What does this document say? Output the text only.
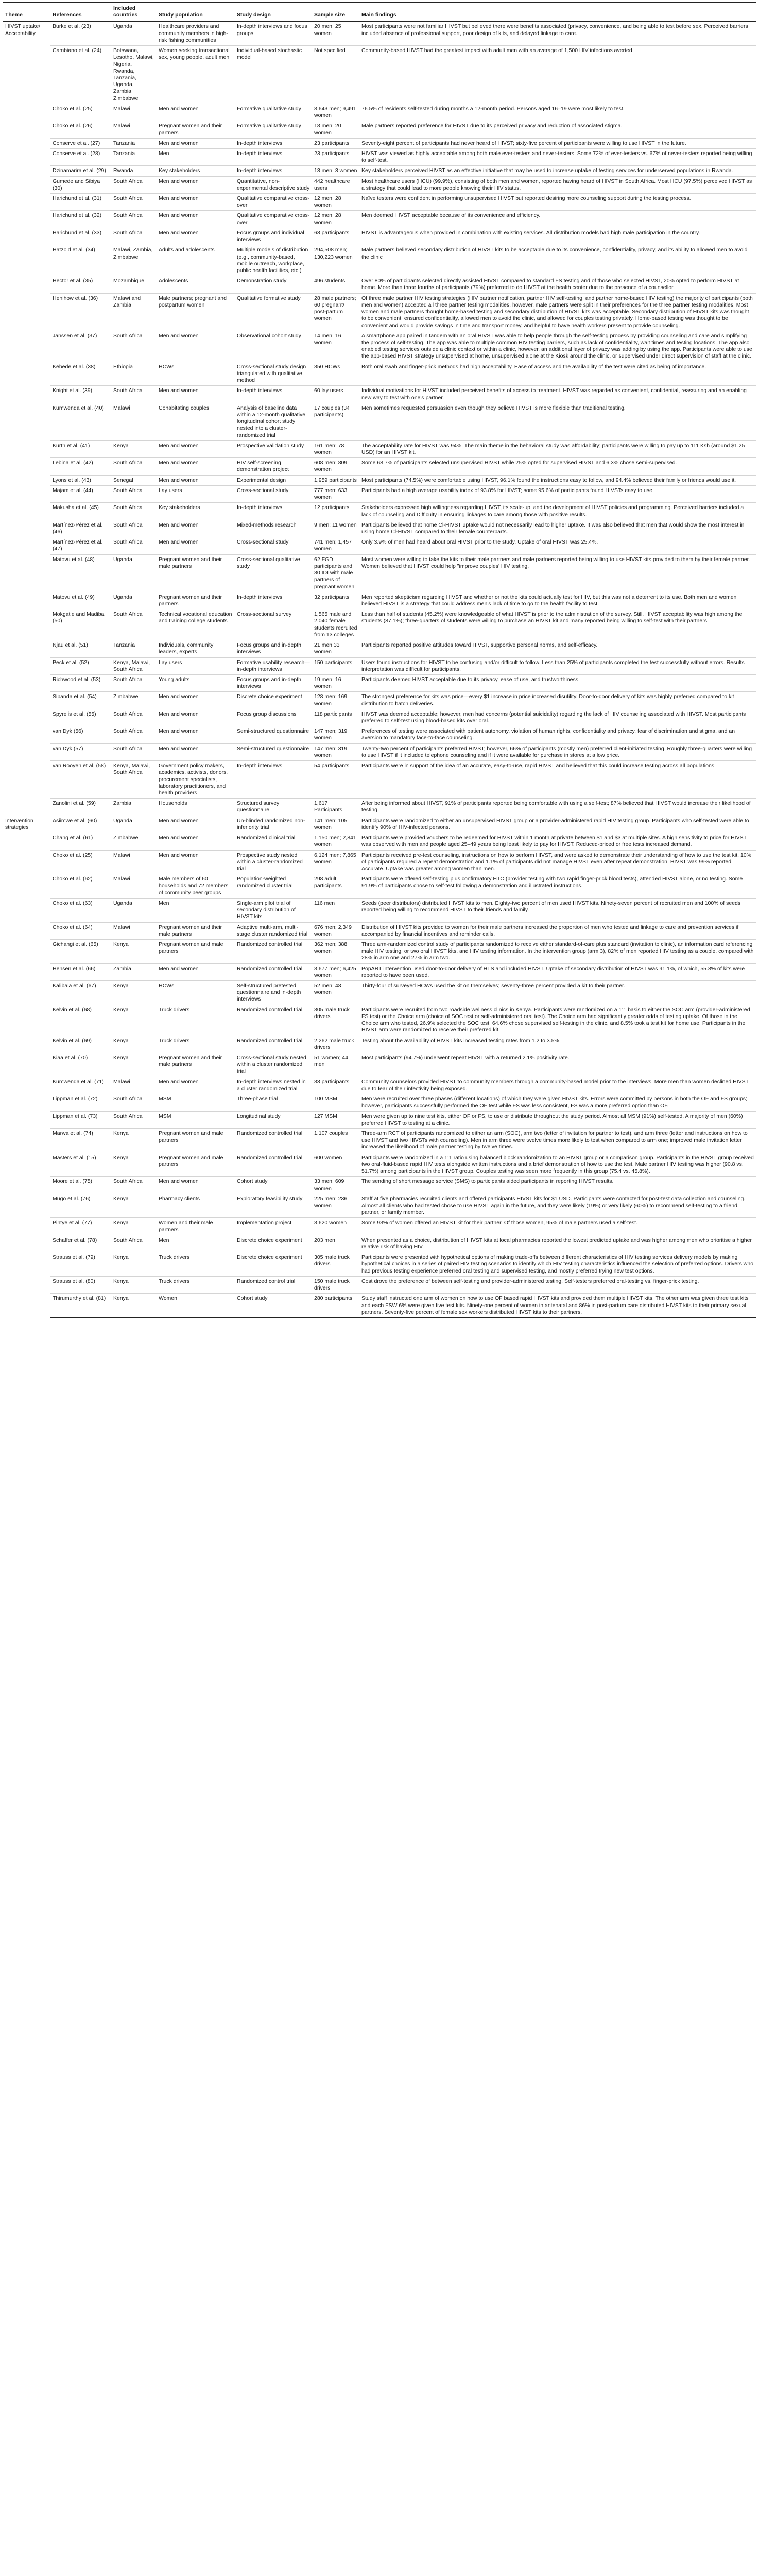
Theme	References	Included countries	Study population	Study design	Sample size	Main findings
HIVST uptake/ Acceptability	Burke et al. (23)	Uganda	Healthcare providers and community members in high-risk fishing communities	In-depth interviews and focus groups	20 men; 25 women	Most participants were not familiar HIVST but believed there were benefits associated (privacy, convenience, and being able to test before sex. Perceived barriers included absence of professional support, poor design of kits, and delayed linkage to care.
	Cambiano et al. (24)	Botswana, Lesotho, Malawi, Nigeria, Rwanda, Tanzania, Uganda, Zambia, Zimbabwe	Women seeking transactional sex, young people, adult men	Individual-based stochastic model	Not specified	Community-based HIVST had the greatest impact with adult men with an average of 1,500 HIV infections averted
	Choko et al. (25)	Malawi	Men and women	Formative qualitative study	8,643 men; 9,491 women	76.5% of residents self-tested during months a 12-month period. Persons aged 16–19 were most likely to test.
	Choko et al. (26)	Malawi	Pregnant women and their partners	Formative qualitative study	18 men; 20 women	Male partners reported preference for HIVST due to its perceived privacy and reduction of associated stigma.
	Conserve et al. (27)	Tanzania	Men and women	In-depth interviews	23 participants	Seventy-eight percent of participants had never heard of HIVST; sixty-five percent of participants were willing to use HIVST in the future.
	Conserve et al. (28)	Tanzania	Men	In-depth interviews	23 participants	HIVST was viewed as highly acceptable among both male ever-testers and never-testers. Some 72% of ever-testers vs. 67% of never-testers reported being willing to self-test.
	Dzinamarira et al. (29)	Rwanda	Key stakeholders	In-depth interviews	13 men; 3 women	Key stakeholders perceived HIVST as an effective initiative that may be used to increase uptake of testing services for underserved populations in Rwanda.
	Gumede and Sibiya (30)	South Africa	Men and women	Quantitative, non-experimental descriptive study	442 healthcare users	Most healthcare users (HCU) (99.9%), consisting of both men and women, reported having heard of HIVST in South Africa. Most HCU (97.5%) perceived HIVST as a strategy that could lead to more people knowing their HIV status.
	Harichund et al. (31)	South Africa	Men and women	Qualitative comparative cross-over	12 men; 28 women	Naïve testers were confident in performing unsupervised HIVST but reported desiring more counseling support during the testing process.
	Harichund et al. (32)	South Africa	Men and women	Qualitative comparative cross-over	12 men; 28 women	Men deemed HIVST acceptable because of its convenience and efficiency.
	Harichund et al. (33)	South Africa	Men and women	Focus groups and individual interviews	63 participants	HIVST is advantageous when provided in combination with existing services. All distribution models had high male participation in the country.
	Hatzold et al. (34)	Malawi, Zambia, Zimbabwe	Adults and adolescents	Multiple models of distribution (e.g., community-based, mobile outreach, workplace, public health facilities, etc.)	294,508 men; 130,223 women	Male partners believed secondary distribution of HIVST kits to be acceptable due to its convenience, confidentiality, privacy, and its ability to allowed men to avoid the clinic
	Hector et al. (35)	Mozambique	Adolescents	Demonstration study	496 students	Over 80% of participants selected directly assisted HIVST compared to standard FS testing and of those who selected HIVST, 20% opted to perform HIVST at home. More than three fourths of participants (79%) preferred to do HIVST at the health center due to the presence of a counsellor.
	Henihow et al. (36)	Malawi and Zambia	Male partners; pregnant and postpartum women	Qualitative formative study	28 male partners; 60 pregnant/ post-partum women	Of three male partner HIV testing strategies (HIV partner notification, partner HIV self-testing, and partner home-based HIV testing) the majority of participants (both men and women) accepted all three partner testing modalities, however, male partners were split in their preferences for the three partner testing modalities. Most women and male partners thought home-based testing and secondary distribution of HIVST kits was acceptable. Secondary distribution of HIVST kits was thought to be convenient, ensured confidentiality, allowed men to avoid the clinic, and allowed for couples testing privately. Home-based testing was thought to be convenient and would provide savings in time and transport money, and helpful to have health workers present to provide counseling.
	Janssen et al. (37)	South Africa	Men and women	Observational cohort study	14 men; 16 women	A smartphone app paired in tandem with an oral HIVST was able to help people through the self-testing process by providing counseling and care and simplifying the process of self-testing. The app was able to multiple common HIV testing barriers, such as lack of confidentiality, wait times and testing locations. The app also enabled testing services outside a clinic context or within a clinic, however, an additional layer of privacy was adding by using the app. Participants were able to use the app-based HIVST strategy unsupervised at home, unsupervised alone at the Kiosk around the clinic, or supervised under direct supervision of staff at the clinic.
	Kebede et al. (38)	Ethiopia	HCWs	Cross-sectional study design triangulated with qualitative method	350 HCWs	Both oral swab and finger-prick methods had high acceptability. Ease of access and the availability of the test were cited as being of importance.
	Knight et al. (39)	South Africa	Men and women	In-depth interviews	60 lay users	Individual motivations for HIVST included perceived benefits of access to treatment. HIVST was regarded as convenient, confidential, reassuring and an enabling new way to test with one's partner.
	Kumwenda et al. (40)	Malawi	Cohabitating couples	Analysis of baseline data within a 12-month qualitative longitudinal cohort study nested into a cluster-randomized trial	17 couples (34 participants)	Men sometimes requested persuasion even though they believe HIVST is more flexible than traditional testing.
	Kurth et al. (41)	Kenya	Men and women	Prospective validation study	161 men; 78 women	The acceptability rate for HIVST was 94%. The main theme in the behavioral study was affordability; participants were willing to pay up to 111 Ksh (around $1.25 USD) for an HIVST kit.
	Lebina et al. (42)	South Africa	Men and women	HIV self-screening demonstration project	608 men; 809 women	Some 68.7% of participants selected unsupervised HIVST while 25% opted for supervised HIVST and 6.3% chose semi-supervised.
	Lyons et al. (43)	Senegal	Men and women	Experimental design	1,959 participants	Most participants (74.5%) were comfortable using HIVST, 96.1% found the instructions easy to follow, and 94.4% believed their family or friends would use it.
	Majam et al. (44)	South Africa	Lay users	Cross-sectional study	777 men; 633 women	Participants had a high average usability index of 93.8% for HIVST; some 95.6% of participants found HIVSTs easy to use.
	Makusha et al. (45)	South Africa	Key stakeholders	In-depth interviews	12 participants	Stakeholders expressed high willingness regarding HIVST, its scale-up, and the development of HIVST policies and programming. Perceived barriers included a lack of counseling and Difficulty in ensuring linkages to care among those with positive results.
	Martínez-Pérez et al. (46)	South Africa	Men and women	Mixed-methods research	9 men; 11 women	Participants believed that home Cl-HIVST uptake would not necessarily lead to higher uptake. It was also believed that men that would show the most interest in using home Cl-HIVST compared to their female counterparts.
	Martínez-Pérez et al. (47)	South Africa	Men and women	Cross-sectional study	741 men; 1,457 women	Only 3.9% of men had heard about oral HIVST prior to the study. Uptake of oral HIVST was 25.4%.
	Matovu et al. (48)	Uganda	Pregnant women and their male partners	Cross-sectional qualitative study	62 FGD participants and 30 IDI with male partners of pregnant women	Most women were willing to take the kits to their male partners and male partners reported being willing to use HIVST kits provided to them by their female partner. Women believed that HIVST could help "improve couples' HIV testing.
	Matovu et al. (49)	Uganda	Pregnant women and their partners	In-depth interviews	32 participants	Men reported skepticism regarding HIVST and whether or not the kits could actually test for HIV, but this was not a deterrent to its use. Both men and women believed HIVST is a strategy that could address men's lack of time to go to the health facility to test.
	Mokgatle and Madiba (50)	South Africa	Technical vocational education and training college students	Cross-sectional survey	1,565 male and 2,040 female students recruited from 13 colleges	Less than half of students (45.2%) were knowledgeable of what HIVST is prior to the administration of the survey. Still, HIVST acceptability was high among the students (87.1%); three-quarters of students were willing to purchase an HIVST kit and many reported being willing to self-test with their partners.
	Njau et al. (51)	Tanzania	Individuals, community leaders, experts	Focus groups and in-depth interviews	21 men 33 women	Participants reported positive attitudes toward HIVST, supportive personal norms, and self-efficacy.
	Peck et al. (52)	Kenya, Malawi, South Africa	Lay users	Formative usability research—in-depth interviews	150 participants	Users found instructions for HIVST to be confusing and/or difficult to follow. Less than 25% of participants completed the test successfully without errors. Results interpretation was difficult for participants.
	Richwood et al. (53)	South Africa	Young adults	Focus groups and in-depth interviews	19 men; 16 women	Participants deemed HIVST acceptable due to its privacy, ease of use, and trustworthiness.
	Sibanda et al. (54)	Zimbabwe	Men and women	Discrete choice experiment	128 men; 169 women	The strongest preference for kits was price—every $1 increase in price increased disutility. Door-to-door delivery of kits was highly preferred compared to kit distribution to batch deliveries.
	Spyrelis et al. (55)	South Africa	Men and women	Focus group discussions	118 participants	HIVST was deemed acceptable; however, men had concerns (potential suicidality) regarding the lack of HIV counseling associated with HIVST. Most participants preferred to self-test using blood-based kits over oral.
	van Dyk (56)	South Africa	Men and women	Semi-structured questionnaire	147 men; 319 women	Preferences of testing were associated with patient autonomy, violation of human rights, confidentiality and privacy, fear of discrimination and stigma, and an aversion to mandatory face-to-face counseling.
	van Dyk (57)	South Africa	Men and women	Semi-structured questionnaire	147 men; 319 women	Twenty-two percent of participants preferred HIVST; however, 66% of participants (mostly men) preferred client-initiated testing. Roughly three-quarters were willing to use HIVST if it included telephone counseling and if it were available for purchase in stores at a low price.
	van Rooyen et al. (58)	Kenya, Malawi, South Africa	Government policy makers, academics, activists, donors, procurement specialists, laboratory practitioners, and health providers	In-depth interviews	54 participants	Participants were in support of the idea of an accurate, easy-to-use, rapid HIVST and believed that this could increase testing across all populations.
	Zanolini et al. (59)	Zambia	Households	Structured survey questionnaire	1,617 Participants	After being informed about HIVST, 91% of participants reported being comfortable with using a self-test; 87% believed that HIVST would increase their likelihood of testing.
Intervention strategies	Asiimwe et al. (60)	Uganda	Men and women	Un-blinded randomized non-inferiority trial	141 men; 105 women	Participants were randomized to either an unsupervised HIVST group or a provider-administered rapid HIV testing group. Participants who self-tested were able to identify 90% of HIV-infected persons.
	Chang et al. (61)	Zimbabwe	Men and women	Randomized clinical trial	1,150 men; 2,841 women	Participants were provided vouchers to be redeemed for HIVST within 1 month at private between $1 and $3 at multiple sites. A high sensitivity to price for HIVST was observed with men and people aged 25–49 years being least likely to pay for HIVST. Reduced-priced or free tests increased demand.
	Choko et al. (25)	Malawi	Men and women	Prospective study nested within a cluster-randomized trial	6,124 men; 7,865 women	Participants received pre-test counseling, instructions on how to perform HIVST, and were asked to demonstrate their understanding of how to use the test kit. 10% of participants required a repeat demonstration and 1.1% of participants did not manage HIVST even after repeat demonstration. HIVST was 99% reported Accurate. Uptake was greater among women than men.
	Choko et al. (62)	Malawi	Male members of 60 households and 72 members of community peer groups	Population-weighted randomized cluster trial	298 adult participants	Participants were offered self-testing plus confirmatory HTC (provider testing with two rapid finger-prick blood tests), attended HIVST alone, or no testing. Some 91.9% of participants chose to self-test following a demonstration and illustrated instructions.
	Choko et al. (63)	Uganda	Men	Single-arm pilot trial of secondary distribution of HIVST kits	116 men	Seeds (peer distributors) distributed HIVST kits to men. Eighty-two percent of men used HIVST kits. Ninety-seven percent of recruited men and 100% of seeds reported being willing to recommend HIVST to their friends and family.
	Choko et al. (64)	Malawi	Pregnant women and their male partners	Adaptive multi-arm, multi-stage cluster randomized trial	676 men; 2,349 women	Distribution of HIVST kits provided to women for their male partners increased the proportion of men who tested and linkage to care and prevention services if accompanied by financial incentives and reminder calls.
	Gichangi et al. (65)	Kenya	Pregnant women and male partners	Randomized controlled trial	362 men; 388 women	Three arm-randomized control study of participants randomized to receive either standard-of-care plus standard (invitation to clinic), an information card referencing male HIV testing, or two oral HIVST kits, and HIV testing information. In the intervention group (arm 3), 82% of men reported HIV testing as a couple, compared with 28% in arm one and 27% in arm two.
	Hensen et al. (66)	Zambia	Men and women	Randomized controlled trial	3,677 men; 6,425 women	PopART intervention used door-to-door delivery of HTS and included HIVST. Uptake of secondary distribution of HIVST was 91.1%, of which, 55.8% of kits were reported to have been used.
	Kalibala et al. (67)	Kenya	HCWs	Self-structured pretested questionnaire and in-depth interviews	52 men; 48 women	Thirty-four of surveyed HCWs used the kit on themselves; seventy-three percent provided a kit to their partner.
	Kelvin et al. (68)	Kenya	Truck drivers	Randomized controlled trial	305 male truck drivers	Participants were recruited from two roadside wellness clinics in Kenya. Participants were randomized on a 1:1 basis to either the SOC arm (provider-administered FS test) or the Choice arm (choice of SOC test or self-administered oral test). The Choice arm had significantly greater odds of testing uptake. Of those in the Choice arm who tested, 26.9% selected the SOC test, 64.6% chose supervised self-testing in the clinic, and 8.5% took a test kit for home use. Participants in the HIVST arm were randomized to receive their preferred kit.
	Kelvin et al. (69)	Kenya	Truck drivers	Randomized controlled trial	2,262 male truck drivers	Testing about the availability of HIVST kits increased testing rates from 1.2 to 3.5%.
	Kiaa et al. (70)	Kenya	Pregnant women and their male partners	Cross-sectional study nested within a cluster randomized trial	51 women; 44 men	Most participants (94.7%) underwent repeat HIVST with a returned 2.1% positivity rate.
	Kumwenda et al. (71)	Malawi	Men and women	In-depth interviews nested in a cluster randomized trial	33 participants	Community counselors provided HIVST to community members through a community-based model prior to the interviews. More men than women declined HIVST due to fear of their infectivity being exposed.
	Lippman et al. (72)	South Africa	MSM	Three-phase trial	100 MSM	Men were recruited over three phases (different locations) of which they were given HIVST kits. Errors were committed by persons in both the OF and FS groups; however, participants successfully performed the OF test while FS was less consistent, FS was a more preferred option than OF.
	Lippman et al. (73)	South Africa	MSM	Longitudinal study	127 MSM	Men were given up to nine test kits, either OF or FS, to use or distribute throughout the study period. Almost all MSM (91%) self-tested. A majority of men (60%) preferred HIVST to testing at a clinic.
	Marwa et al. (74)	Kenya	Pregnant women and male partners	Randomized controlled trial	1,107 couples	Three-arm RCT of participants randomized to either an arm (SOC), arm two (letter of invitation for partner to test), and arm three (letter and instructions on how to use HIVST and two HIVSTs with counseling). Men in arm three were twelve times more likely to test when compared to arm one; improved male invitation letter increased the likelihood of male partner testing by twelve times.
	Masters et al. (15)	Kenya	Pregnant women and male partners	Randomized controlled trial	600 women	Participants were randomized in a 1:1 ratio using balanced block randomization to an HIVST group or a comparison group. Participants in the HIVST group received two oral-fluid-based rapid HIV tests alongside written instructions and a brief demonstration of how to use the test. Male partner HIV testing was higher (90.8 vs. 51.7%) among participants in the HIVST group. Couples testing was seen more frequently in this group (75.4 vs. 45.8%).
	Moore et al. (75)	South Africa	Men and women	Cohort study	33 men; 609 women	The sending of short message service (SMS) to participants aided participants in reporting HIVST results.
	Mugo et al. (76)	Kenya	Pharmacy clients	Exploratory feasibility study	225 men; 236 women	Staff at five pharmacies recruited clients and offered participants HIVST kits for $1 USD. Participants were contacted for post-test data collection and counseling. Almost all clients who had tested chose to use HIVST again in the future, and they were likely (19%) or very likely (60%) to recommend self-testing to a friend, partner, or family member.
	Pintye et al. (77)	Kenya	Women and their male partners	Implementation project	3,620 women	Some 93% of women offered an HIVST kit for their partner. Of those women, 95% of male partners used a self-test.
	Schaffer et al. (78)	South Africa	Men	Discrete choice experiment	203 men	When presented as a choice, distribution of HIVST kits at local pharmacies reported the lowest predicted uptake and was higher among men who prioritise a higher relative risk of having HIV.
	Strauss et al. (79)	Kenya	Truck drivers	Discrete choice experiment	305 male truck drivers	Participants were presented with hypothetical options of making trade-offs between different characteristics of HIV testing services delivery models by making hypothetical choices in a series of paired HIV testing scenarios to identify which HIV testing characteristics influenced the selection of preferred options. Drivers who had previous testing experience preferred oral testing and supervised testing, and mostly preferred trying new test options.
	Strauss et al. (80)	Kenya	Truck drivers	Randomized control trial	150 male truck drivers	Cost drove the preference of between self-testing and provider-administered testing. Self-testers preferred oral-testing vs. finger-prick testing.
	Thirumurthy et al. (81)	Kenya	Women	Cohort study	280 participants	Study staff instructed one arm of women on how to use OF based rapid HIVST kits and provided them multiple HIVST kits. The other arm was given three test kits and each FSW 6% were given five test kits. Ninety-one percent of women in antenatal and 86% in post-partum care distributed HIVST kits to their primary sexual partners. Seventy-five percent of female sex workers distributed HIVST kits to their partners.
